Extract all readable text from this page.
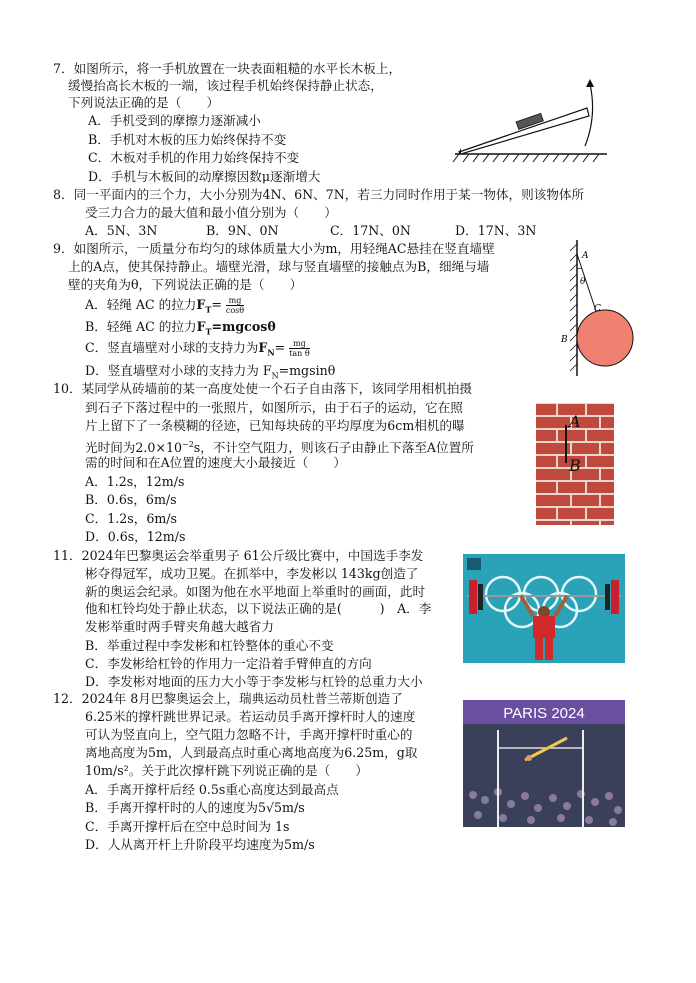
7．如图所示，将一手机放置在一块表面粗糙的水平长木板上，
缓慢抬高长木板的一端，该过程手机始终保持静止状态，
下列说法正确的是（　　）
A．手机受到的摩擦力逐渐减小
B．手机对木板的压力始终保持不变
C．木板对手机的作用力始终保持不变
D．手机与木板间的动摩擦因数μ逐渐增大
8．同一平面内的三个力，大小分别为4N、6N、7N，若三力同时作用于某一物体，则该物体所
受三力合力的最大值和最小值分别为（　　）
A．5N、3N	B．9N、0N	C．17N、0N	D．17N、3N
9．如图所示，一质量分布均匀的球体质量大小为m，用轻绳AC悬挂在竖直墙壁
上的A点，使其保持静止。墙壁光滑，球与竖直墙壁的接触点为B，细绳与墙
壁的夹角为θ，下列说法正确的是（　　）
A．轻绳 AC 的拉力$F_T= \frac{mg}{\cos\theta}$
B．轻绳 AC 的拉力$F_T=mgcos\theta$
C．竖直墙壁对小球的支持力为$F_N= \frac{mg}{\text{tan θ}}$
D．竖直墙壁对小球的支持力为 $F_N=mgsin\theta$
A
θ
C
B
10．某同学从砖墙前的某一高度处使一个石子自由落下，该同学用相机拍摄
到石子下落过程中的一张照片，如图所示，由于石子的运动，它在照
片上留下了一条模糊的径迹，已知每块砖的平均厚度为6cm相机的曝
光时间为$2.0\times 10^{-2}s$，不计空气阻力，则该石子由静止下落至A位置所
需的时间和在A位置的速度大小最接近（　　）
A．1.2s，12m/s
B．0.6s，6m/s
C．1.2s，6m/s
D．0.6s，12m/s
A
B
11．2024年巴黎奥运会举重男子 61公斤级比赛中，中国选手李发
彬夺得冠军，成功卫冕。在抓举中，李发彬以 143kg创造了
新的奥运会纪录。如图为他在水平地面上举重时的画面，此时
他和杠铃均处于静止状态，以下说法正确的是(　　　)　A．李
发彬举重时两手臂夹角越大越省力
B．举重过程中李发彬和杠铃整体的重心不变
C．李发彬给杠铃的作用力一定沿着手臂伸直的方向
D．李发彬对地面的压力大小等于李发彬与杠铃的总重力大小
12．2024年 8月巴黎奥运会上，瑞典运动员杜普兰蒂斯创造了
6.25米的撑杆跳世界记录。若运动员手离开撑杆时人的速度
可认为竖直向上，空气阻力忽略不计，手离开撑杆时重心的
离地高度为5m，人到最高点时重心离地高度为6.25m，g取
10m/s²。关于此次撑杆跳下列说正确的是（　　）
A．手离开撑杆后经 0.5s重心高度达到最高点
B．手离开撑杆时的人的速度为5√5m/s
C．手离开撑杆后在空中总时间为 1s
D．人从离开杆上升阶段平均速度为5m/s
PARIS 2024
